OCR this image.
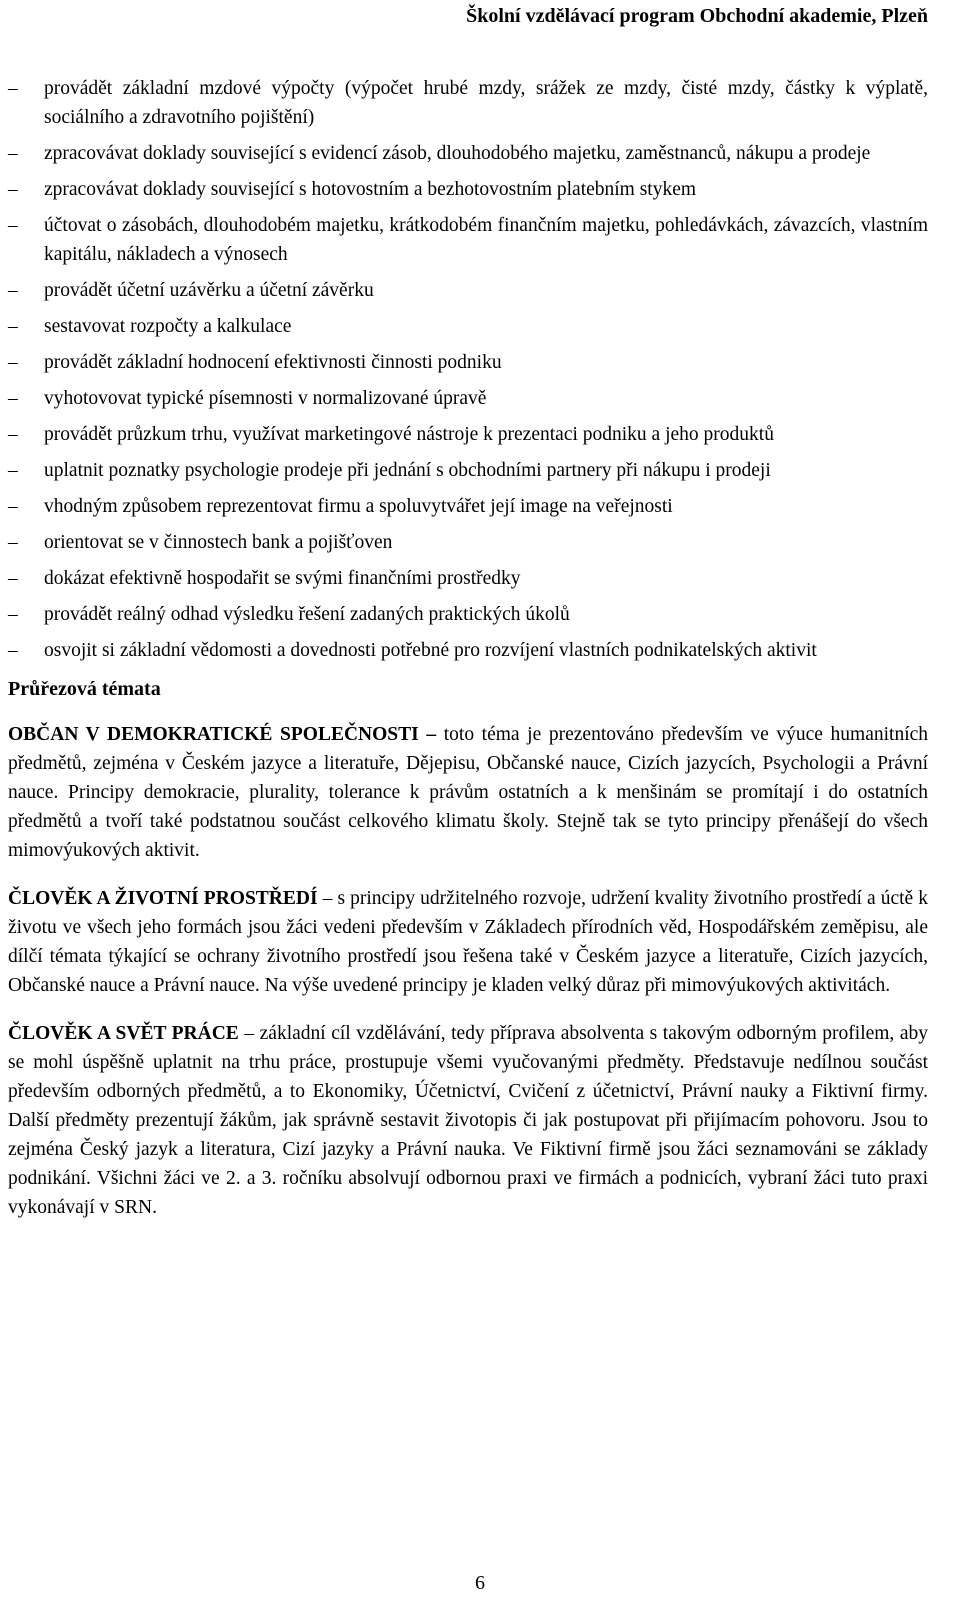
Školní vzdělávací program Obchodní akademie, Plzeň
–	provádět základní mzdové výpočty (výpočet hrubé mzdy, srážek ze mzdy, čisté mzdy, částky k výplatě, sociálního a zdravotního pojištění)
–	zpracovávat doklady související s evidencí zásob, dlouhodobého majetku, zaměstnanců, nákupu a prodeje
–	zpracovávat doklady související s hotovostním a bezhotovostním platebním stykem
–	účtovat o zásobách, dlouhodobém majetku, krátkodobém finančním majetku, pohledávkách, závazcích, vlastním kapitálu, nákladech a výnosech
–	provádět účetní uzávěrku a účetní závěrku
–	sestavovat rozpočty a kalkulace
–	provádět základní hodnocení efektivnosti činnosti podniku
–	vyhotovovat typické písemnosti v normalizované úpravě
–	provádět průzkum trhu, využívat marketingové nástroje k prezentaci podniku a jeho produktů
–	uplatnit poznatky psychologie prodeje při jednání s obchodními partnery při nákupu i prodeji
–	vhodným způsobem reprezentovat firmu a spoluvytvářet její image na veřejnosti
–	orientovat se v činnostech bank a pojišťoven
–	dokázat efektivně hospodařit se svými finančními prostředky
–	provádět reálný odhad výsledku řešení zadaných praktických úkolů
–	osvojit si základní vědomosti a dovednosti potřebné pro rozvíjení vlastních podnikatelských aktivit
Průřezová témata

OBČAN V DEMOKRATICKÉ SPOLEČNOSTI – toto téma je prezentováno především ve výuce humanitních předmětů, zejména v Českém jazyce a literatuře, Dějepisu, Občanské nauce, Cizích jazycích, Psychologii a Právní nauce. Principy demokracie, plurality, tolerance k právům ostatních a k menšinám se promítají i do ostatních předmětů a tvoří také podstatnou součást celkového klimatu školy. Stejně tak se tyto principy přenášejí do všech mimovýukových aktivit.

ČLOVĚK A ŽIVOTNÍ PROSTŘEDÍ – s principy udržitelného rozvoje, udržení kvality životního prostředí a úctě k životu ve všech jeho formách jsou žáci vedeni především v Základech přírodních věd, Hospodářském zeměpisu, ale dílčí témata týkající se ochrany životního prostředí jsou řešena také v Českém jazyce a literatuře, Cizích jazycích, Občanské nauce a Právní nauce. Na výše uvedené principy je kladen velký důraz při mimovýukových aktivitách.

ČLOVĚK A SVĚT PRÁCE – základní cíl vzdělávání, tedy příprava absolventa s takovým odborným profilem, aby se mohl úspěšně uplatnit na trhu práce, prostupuje všemi vyučovanými předměty. Představuje nedílnou součást především odborných předmětů, a to Ekonomiky, Účetnictví, Cvičení z účetnictví, Právní nauky a Fiktivní firmy. Další předměty prezentují žákům, jak správně sestavit životopis či jak postupovat při přijímacím pohovoru. Jsou to zejména Český jazyk a literatura, Cizí jazyky a Právní nauka. Ve Fiktivní firmě jsou žáci seznamováni se základy podnikání. Všichni žáci ve 2. a 3. ročníku absolvují odbornou praxi ve firmách a podnicích, vybraní žáci tuto praxi vykonávají v SRN.

6
